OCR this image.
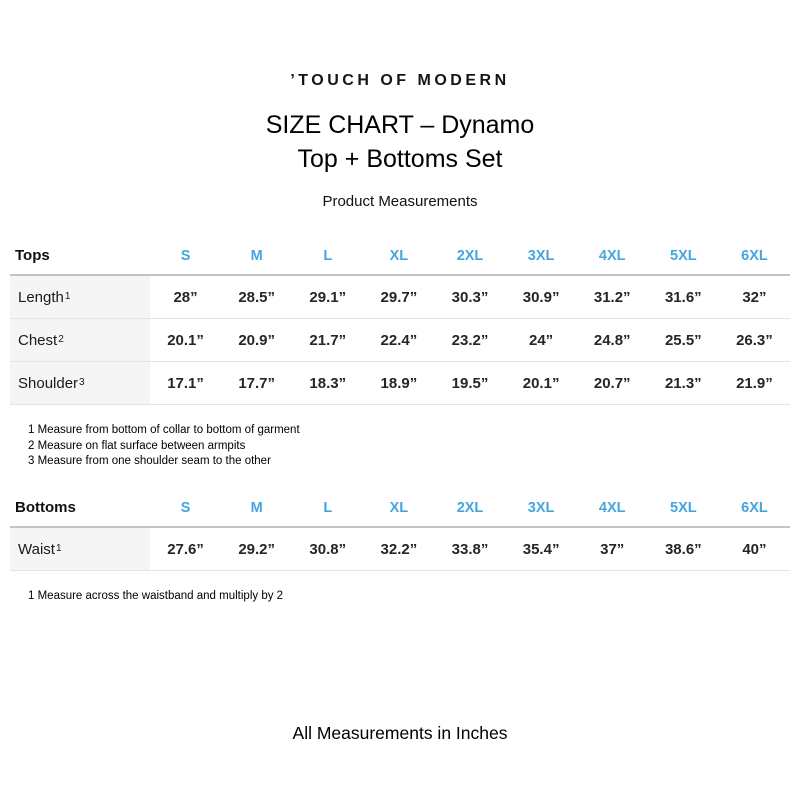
ʼTOUCH OF MODERN
SIZE CHART – Dynamo
Top + Bottoms Set
Product Measurements
Tops	S	M	L	XL	2XL	3XL	4XL	5XL	6XL
Length 1	28”	28.5”	29.1”	29.7”	30.3”	30.9”	31.2”	31.6”	32”
Chest 2	20.1”	20.9”	21.7”	22.4”	23.2”	24”	24.8”	25.5”	26.3”
Shoulder 3	17.1”	17.7”	18.3”	18.9”	19.5”	20.1”	20.7”	21.3”	21.9”
1 Measure from bottom of collar to bottom of garment
2 Measure on flat surface between armpits
3 Measure from one shoulder seam to the other
Bottoms	S	M	L	XL	2XL	3XL	4XL	5XL	6XL
Waist 1	27.6”	29.2”	30.8”	32.2”	33.8”	35.4”	37”	38.6”	40”
1 Measure across the waistband and multiply by 2
All Measurements in Inches
